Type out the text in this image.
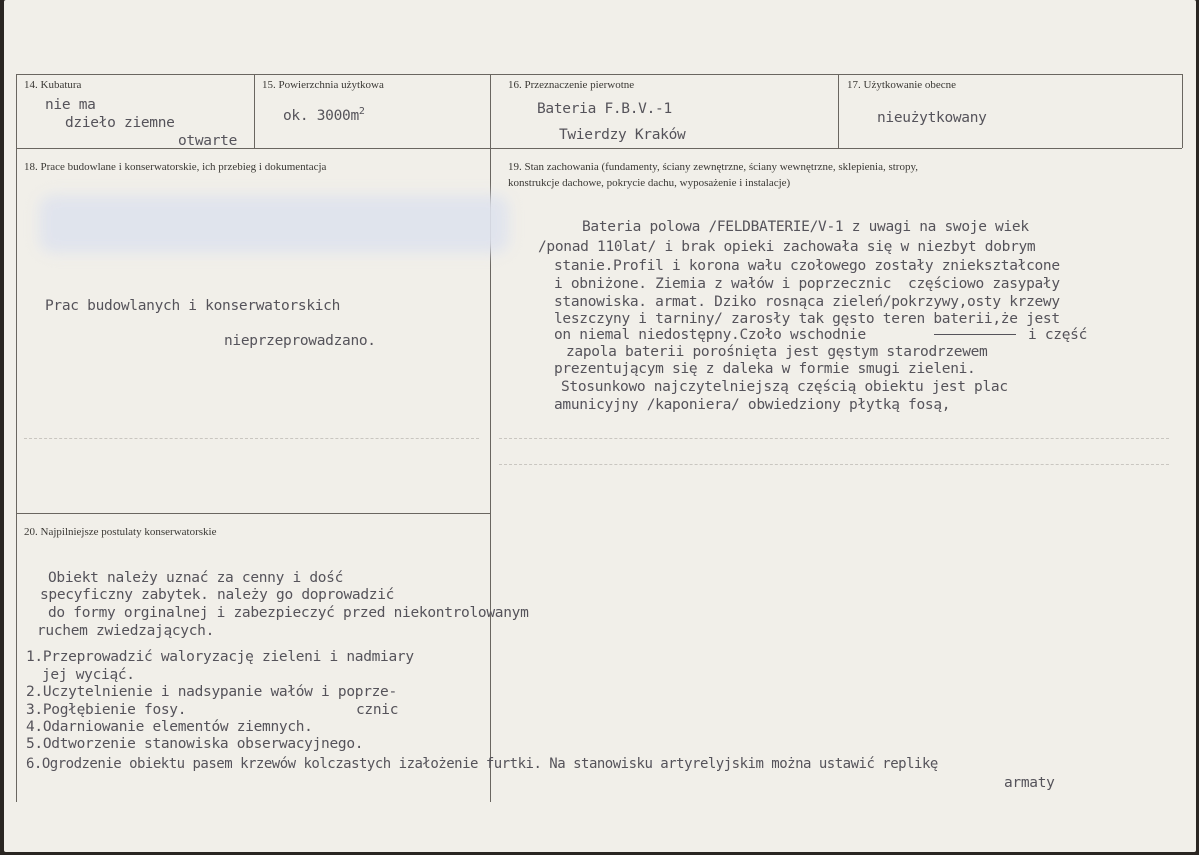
14. Kubatura
nie ma
dzieło ziemne
otwarte
15. Powierzchnia użytkowa
ok. $3000m^2$
16. Przeznaczenie pierwotne
Bateria F.B.V.-1
Twierdzy Kraków
17. Użytkowanie obecne
nieużytkowany
18. Prace budowlane i konserwatorskie, ich przebieg i dokumentacja
Prac budowlanych i konserwatorskich
nieprzeprowadzano.
19. Stan zachowania (fundamenty, ściany zewnętrzne, ściany wewnętrzne, sklepienia, stropy,
konstrukcje dachowe, pokrycie dachu, wyposażenie i instalacje)
Bateria polowa /FELDBATERIE/V-1 z uwagi na swoje wiek
/ponad 110lat/ i brak opieki zachowała się w niezbyt dobrym
stanie.Profil i korona wału czołowego zostały zniekształcone
i obniżone. Ziemia z wałów i poprzecznic  częściowo zasypały
stanowiska. armat. Dziko rosnąca zieleń/pokrzywy,osty krzewy
leszczyny i tarniny/ zarosły tak gęsto teren baterii,że jest
on niemal niedostępny.Czoło wschodnie	i część
zapola baterii porośnięta jest gęstym starodrzewem
prezentującym się z daleka w formie smugi zieleni.
Stosunkowo najczytelniejszą częścią obiektu jest plac
amunicyjny /kaponiera/ obwiedziony płytką fosą,
20. Najpilniejsze postulaty konserwatorskie
Obiekt należy uznać za cenny i dość
specyficzny zabytek. należy go doprowadzić
do formy orginalnej i zabezpieczyć przed niekontrolowanym
ruchem zwiedzających.
1.Przeprowadzić waloryzację zieleni i nadmiary
jej wyciąć.
2.Uczytelnienie i nadsypanie wałów i poprze-
3.Pogłębienie fosy.	cznic
4.Odarniowanie elementów ziemnych.
5.Odtworzenie stanowiska obserwacyjnego.
6.Ogrodzenie obiektu pasem krzewów kolczastych izałożenie furtki. Na stanowisku artyrelyjskim można ustawić replikę
armaty
